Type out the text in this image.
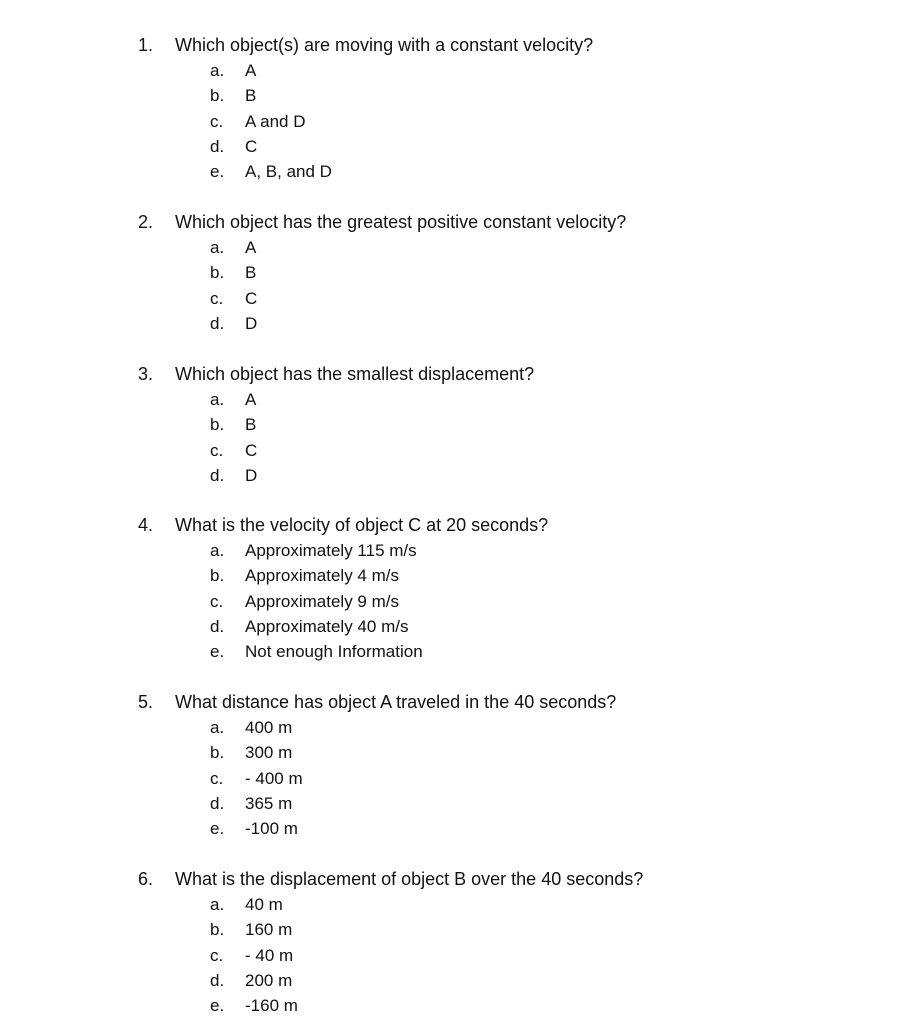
1. Which object(s) are moving with a constant velocity?
a. A
b. B
c. A and D
d. C
e. A, B, and D
2. Which object has the greatest positive constant velocity?
a. A
b. B
c. C
d. D
3. Which object has the smallest displacement?
a. A
b. B
c. C
d. D
4. What is the velocity of object C at 20 seconds?
a. Approximately 115 m/s
b. Approximately 4 m/s
c. Approximately 9 m/s
d. Approximately 40 m/s
e. Not enough Information
5. What distance has object A traveled in the 40 seconds?
a. 400 m
b. 300 m
c. - 400 m
d. 365 m
e. -100 m
6. What is the displacement of object B over the 40 seconds?
a. 40 m
b. 160 m
c. - 40 m
d. 200 m
e. -160 m
